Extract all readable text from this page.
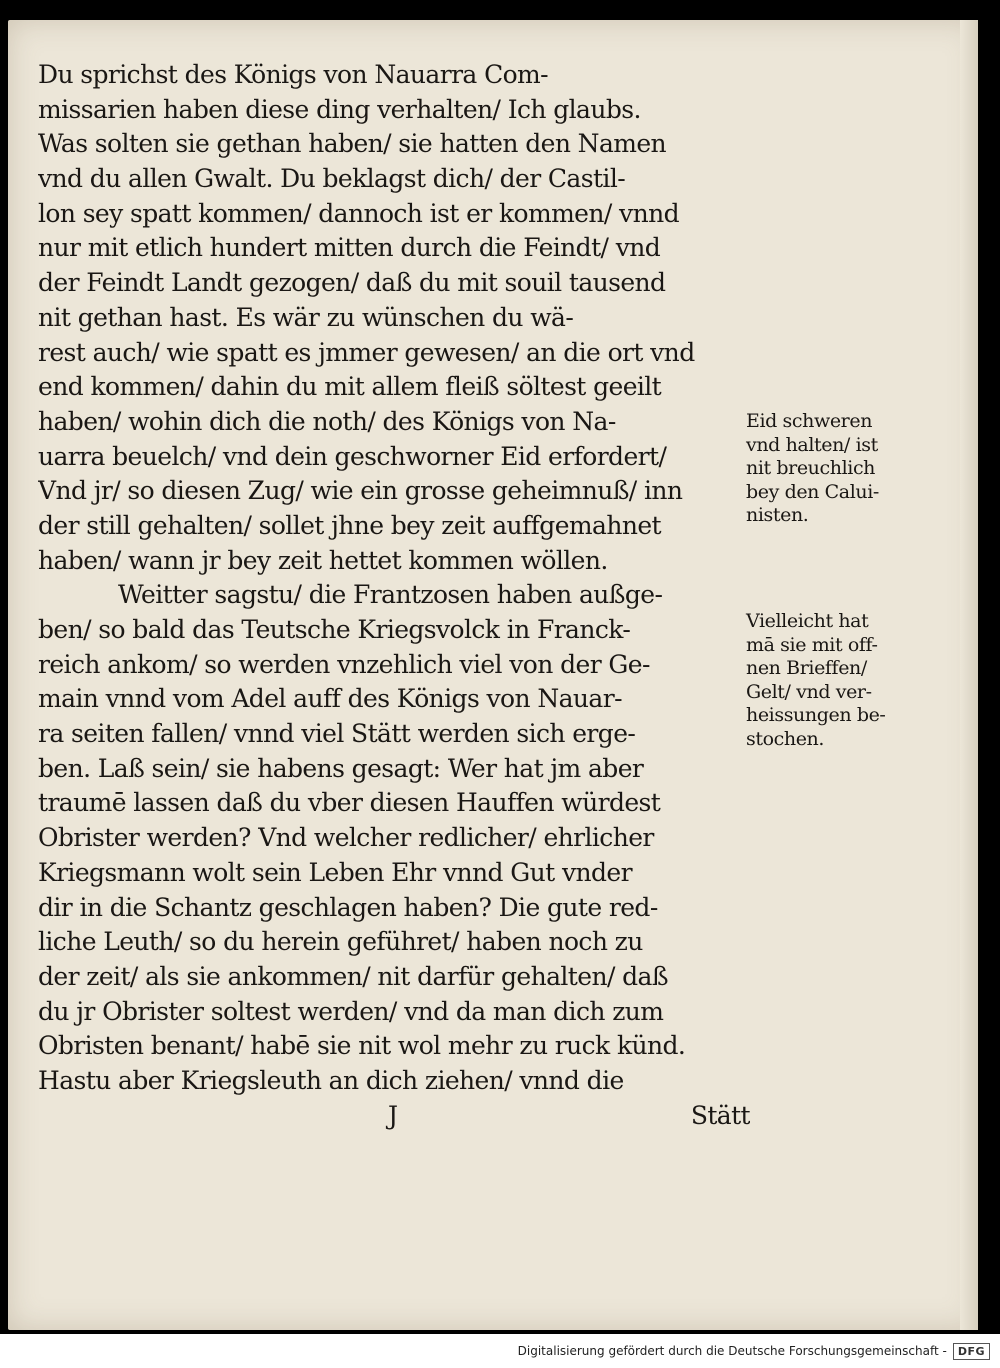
Du sprichst des Königs von Nauarra Com-
missarien haben diese ding verhalten/ Ich glaubs.
Was solten sie gethan haben/ sie hatten den Namen
vnd du allen Gwalt. Du beklagst dich/ der Castil-
lon sey spatt kommen/ dannoch ist er kommen/ vnnd
nur mit etlich hundert mitten durch die Feindt/ vnd
der Feindt Landt gezogen/ daß du mit souil tausend
nit gethan hast. Es wär zu wünschen du wä-
rest auch/ wie spatt es jmmer gewesen/ an die ort vnd
end kommen/ dahin du mit allem fleiß söltest geeilt
haben/ wohin dich die noth/ des Königs von Na-
uarra beuelch/ vnd dein geschworner Eid erfordert/
Vnd jr/ so diesen Zug/ wie ein grosse geheimnuß/ inn
der still gehalten/ sollet jhne bey zeit auffgemahnet
haben/ wann jr bey zeit hettet kommen wöllen.
Weitter sagstu/ die Frantzosen haben außge-
ben/ so bald das Teutsche Kriegsvolck in Franck-
reich ankom/ so werden vnzehlich viel von der Ge-
main vnnd vom Adel auff des Königs von Nauar-
ra seiten fallen/ vnnd viel Stätt werden sich erge-
ben. Laß sein/ sie habens gesagt: Wer hat jm aber
traumē lassen daß du vber diesen Hauffen würdest
Obrister werden? Vnd welcher redlicher/ ehrlicher
Kriegsmann wolt sein Leben Ehr vnnd Gut vnder
dir in die Schantz geschlagen haben? Die gute red-
liche Leuth/ so du herein geführet/ haben noch zu
der zeit/ als sie ankommen/ nit darfür gehalten/ daß
du jr Obrister soltest werden/ vnd da man dich zum
Obristen benant/ habē sie nit wol mehr zu ruck künd.
Hastu aber Kriegsleuth an dich ziehen/ vnnd die
J	Stätt
Eid schweren
vnd halten/ ist
nit breuchlich
bey den Calui-
nisten.
Vielleicht hat
mā sie mit off-
nen Brieffen/
Gelt/ vnd ver-
heissungen be-
stochen.
Digitalisierung gefördert durch die Deutsche Forschungsgemeinschaft -	DFG
